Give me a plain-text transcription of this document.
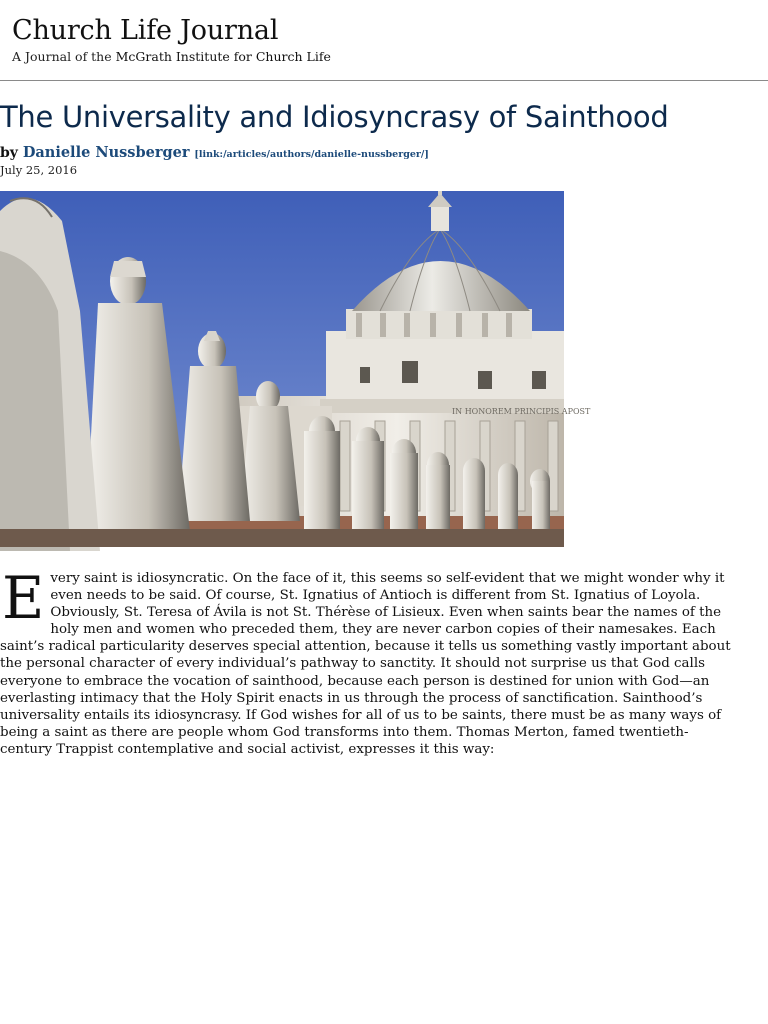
Church Life Journal
A Journal of the McGrath Institute for Church Life
The Universality and Idiosyncrasy of Sainthood
by Danielle Nussberger [link:/articles/authors/danielle-nussberger/]
July 25, 2016
IN HONOREM PRINCIPIS APOST
Every saint is idiosyncratic. On the face of it, this seems so self-evident that we might wonder why it even needs to be said. Of course, St. Ignatius of Antioch is different from St. Ignatius of Loyola. Obviously, St. Teresa of Ávila is not St. Thérèse of Lisieux. Even when saints bear the names of the holy men and women who preceded them, they are never carbon copies of their namesakes. Each saint’s radical particularity deserves special attention, because it tells us something vastly important about the personal character of every individual’s pathway to sanctity. It should not surprise us that God calls everyone to embrace the vocation of sainthood, because each person is destined for union with God—an everlasting intimacy that the Holy Spirit enacts in us through the process of sanctification. Sainthood’s universality entails its idiosyncrasy. If God wishes for all of us to be saints, there must be as many ways of being a saint as there are people whom God transforms into them. Thomas Merton, famed twentieth-century Trappist contemplative and social activist, expresses it this way:
